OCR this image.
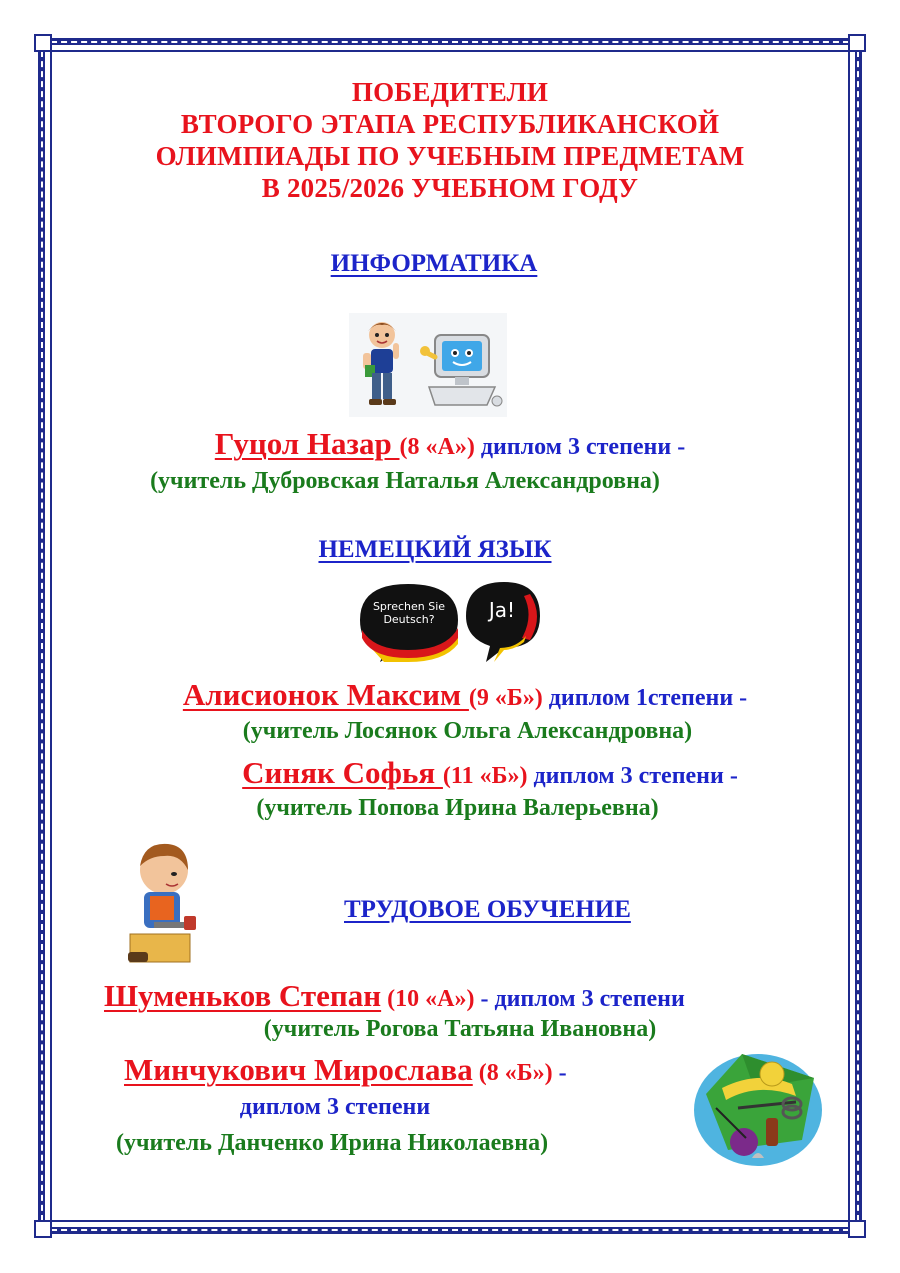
ПОБЕДИТЕЛИ
ВТОРОГО ЭТАПА РЕСПУБЛИКАНСКОЙ
ОЛИМПИАДЫ ПО УЧЕБНЫМ ПРЕДМЕТАМ
В 2025/2026 УЧЕБНОМ ГОДУ
ИНФОРМАТИКА
Гуцол Назар (8 «А») диплом 3 степени -
(учитель Дубровская Наталья Александровна)
НЕМЕЦКИЙ ЯЗЫК
Sprechen Sie Deutsch?	Ja!
Алисионок Максим (9 «Б») диплом 1степени -
(учитель Лосянок Ольга Александровна)
Синяк Софья (11 «Б») диплом 3 степени -
(учитель Попова Ирина Валерьевна)
ТРУДОВОЕ ОБУЧЕНИЕ
Шуменьков Степан (10 «А») - диплом 3 степени
(учитель Рогова Татьяна Ивановна)
Минчукович Мирослава (8 «Б») -
диплом 3 степени
(учитель Данченко Ирина Николаевна)
